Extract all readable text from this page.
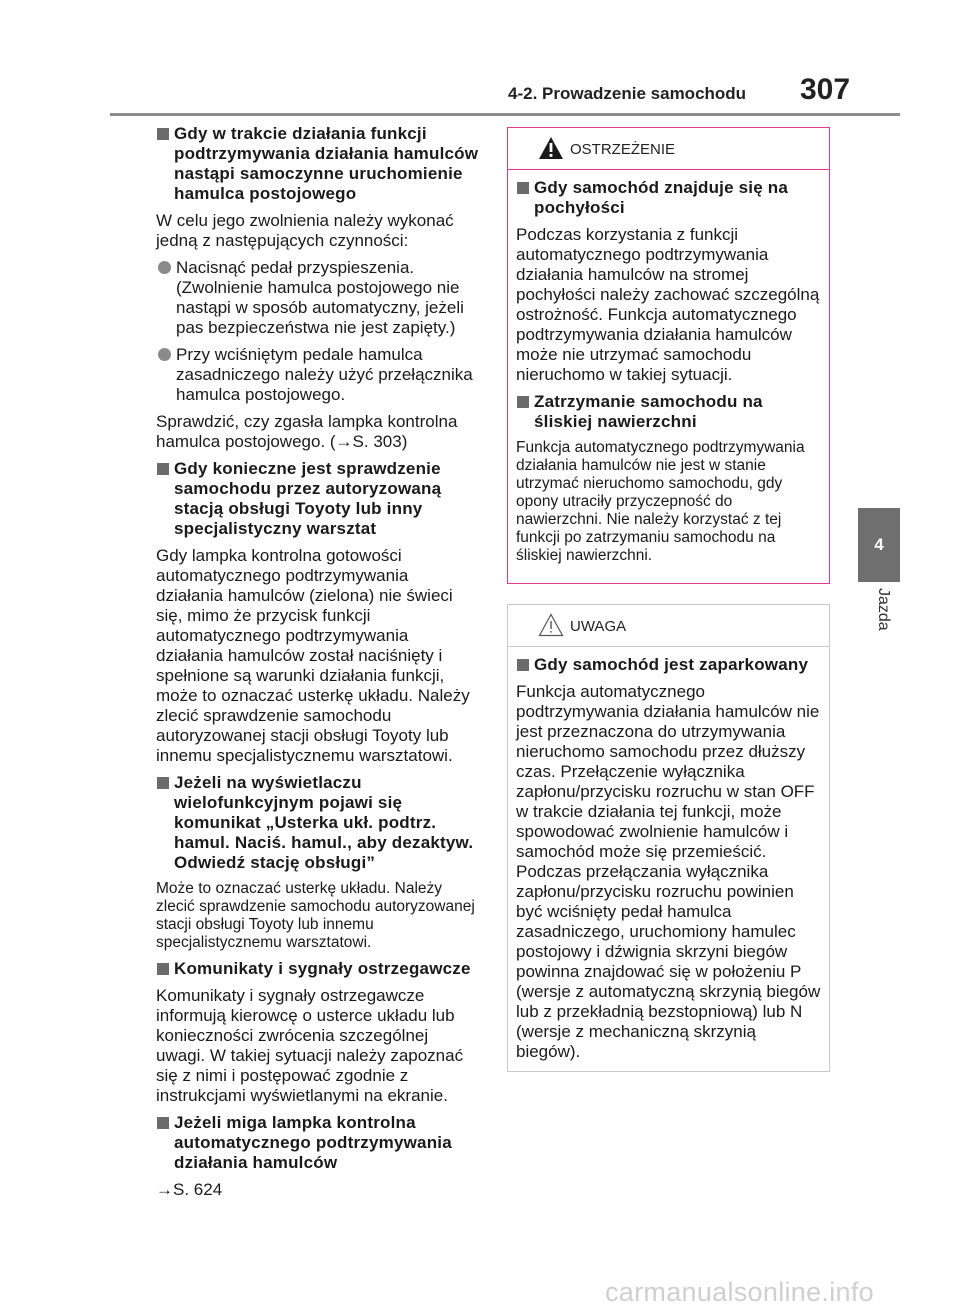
4-2. Prowadzenie samochodu 307
4
Jazda
Gdy w trakcie działania funkcji podtrzymywania działania hamulców nastąpi samoczynne uruchomienie hamulca postojowego

W celu jego zwolnienia należy wykonać jedną z następujących czynności:

Nacisnąć pedał przyspieszenia. (Zwolnienie hamulca postojowego nie nastąpi w sposób automatyczny, jeżeli pas bezpieczeństwa nie jest zapięty.)
Przy wciśniętym pedale hamulca zasadniczego należy użyć przełącznika hamulca postojowego.

Sprawdzić, czy zgasła lampka kontrolna hamulca postojowego. (→S. 303)

Gdy konieczne jest sprawdzenie samochodu przez autoryzowaną stacją obsługi Toyoty lub inny specjalistyczny warsztat

Gdy lampka kontrolna gotowości automatycznego podtrzymywania działania hamulców (zielona) nie świeci się, mimo że przycisk funkcji automatycznego podtrzymywania działania hamulców został naciśnięty i spełnione są warunki działania funkcji, może to oznaczać usterkę układu. Należy zlecić sprawdzenie samochodu autoryzowanej stacji obsługi Toyoty lub innemu specjalistycznemu warsztatowi.

Jeżeli na wyświetlaczu wielofunkcyjnym pojawi się komunikat „Usterka ukł. podtrz. hamul. Naciś. hamul., aby dezaktyw. Odwiedź stację obsługi”

Może to oznaczać usterkę układu. Należy zlecić sprawdzenie samochodu autoryzowanej stacji obsługi Toyoty lub innemu specjalistycznemu warsztatowi.

Komunikaty i sygnały ostrzegawcze

Komunikaty i sygnały ostrzegawcze informują kierowcę o usterce układu lub konieczności zwrócenia szczególnej uwagi. W takiej sytuacji należy zapoznać się z nimi i postępować zgodnie z instrukcjami wyświetlanymi na ekranie.

Jeżeli miga lampka kontrolna automatycznego podtrzymywania działania hamulców

→S. 624

OSTRZEŻENIE
Gdy samochód znajduje się na pochyłości

Podczas korzystania z funkcji automatycznego podtrzymywania działania hamulców na stromej pochyłości należy zachować szczególną ostrożność. Funkcja automatycznego podtrzymywania działania hamulców może nie utrzymać samochodu nieruchomo w takiej sytuacji.

Zatrzymanie samochodu na śliskiej nawierzchni

Funkcja automatycznego podtrzymywania działania hamulców nie jest w stanie utrzymać nieruchomo samochodu, gdy opony utraciły przyczepność do nawierzchni. Nie należy korzystać z tej funkcji po zatrzymaniu samochodu na śliskiej nawierzchni.

UWAGA
Gdy samochód jest zaparkowany

Funkcja automatycznego podtrzymywania działania hamulców nie jest przeznaczona do utrzymywania nieruchomo samochodu przez dłuższy czas. Przełączenie wyłącznika zapłonu/przycisku rozruchu w stan OFF w trakcie działania tej funkcji, może spowodować zwolnienie hamulców i samochód może się przemieścić. Podczas przełączania wyłącznika zapłonu/przycisku rozruchu powinien być wciśnięty pedał hamulca zasadniczego, uruchomiony hamulec postojowy i dźwignia skrzyni biegów powinna znajdować się w położeniu P (wersje z automatyczną skrzynią biegów lub z przekładnią bezstopniową) lub N (wersje z mechaniczną skrzynią biegów).

carmanualsonline.info
